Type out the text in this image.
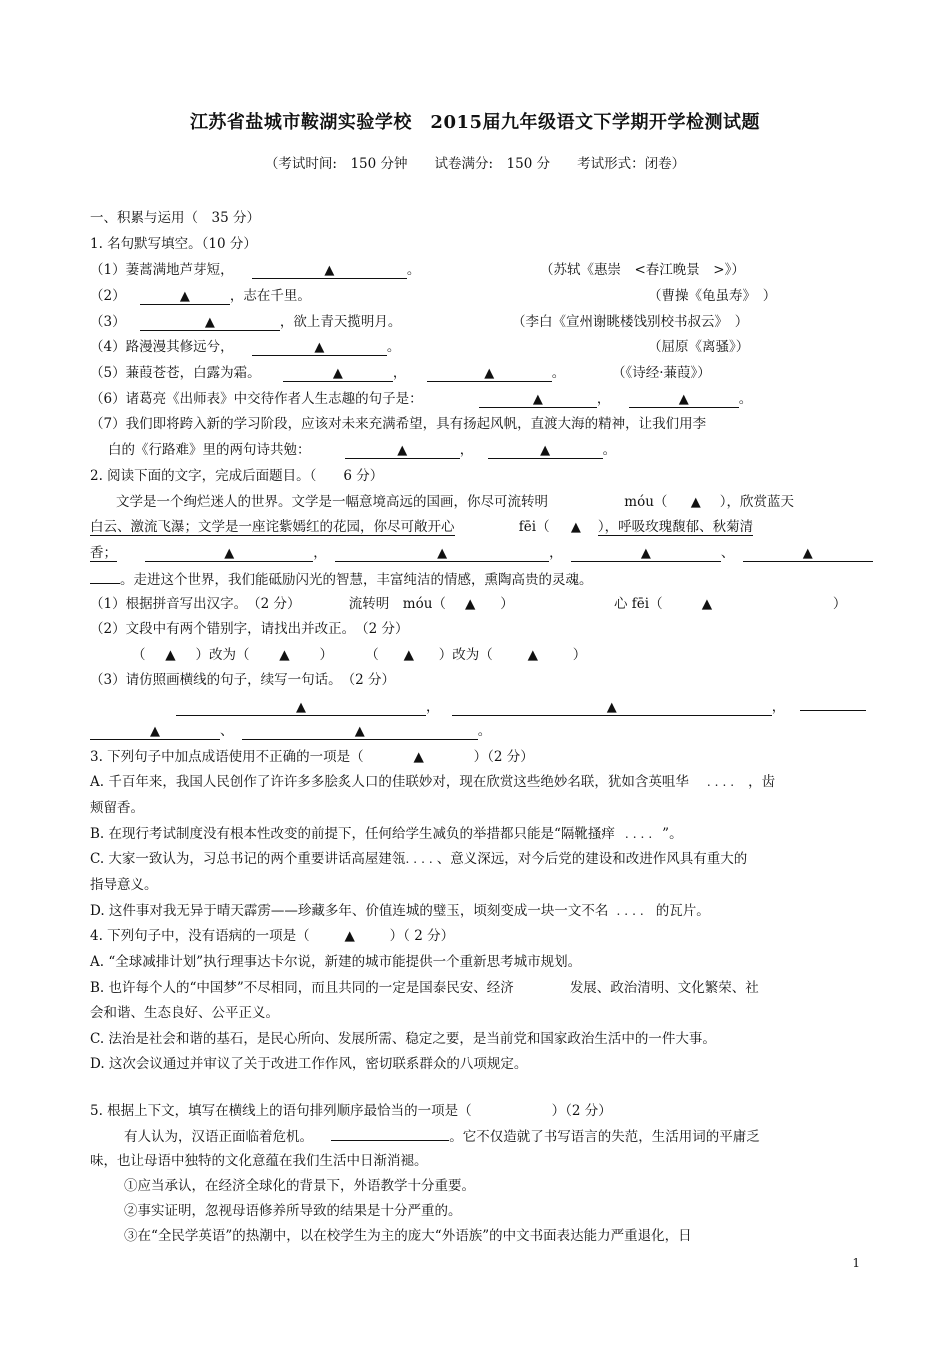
江苏省盐城市鞍湖实验学校　2015届九年级语文下学期开学检测试题
（考试时间:　150 分钟　　试卷满分:　150 分　　考试形式：闭卷）
一、积累与运用（　35 分）
1. 名句默写填空。（10 分）
（1）萋蒿满地芦芽短，	▲	。	（苏轼《惠崇　<春江晚景　>》）
（2）	▲	，志在千里。	（曹操《龟虽寿》　）
（3）	▲	，欲上青天揽明月。	（李白《宣州谢眺楼饯别校书叔云》　）
（4）路漫漫其修远兮，	▲	。	（屈原《离骚》）
（5）蒹葭苍苍，白露为霜。	▲	，	▲	。	（《诗经·蒹葭》）
（6）诸葛亮《出师表》中交待作者人生志趣的句子是：	▲	，	▲	。
（7）我们即将跨入新的学习阶段，应该对未来充满希望，具有扬起风帆，直渡大海的精神，让我们用李
白的《行路难》里的两句诗共勉：	▲	，	▲	。
2. 阅读下面的文字，完成后面题目。（　　6 分）
文学是一个绚烂迷人的世界。文学是一幅意境高远的国画，你尽可流转明	móu（ ▲ ），欣赏蓝天
白云、激流飞瀑；文学是一座诧紫嫣红的花园，你尽可敞开心	fēi（ ▲ ），呼吸玫瑰馥郁、秋菊清
香；	▲	，	▲	，	▲	、	▲
。走进这个世界，我们能砥励闪光的智慧，丰富纯洁的情感，熏陶高贵的灵魂。
（1）根据拼音写出汉字。　（2 分）	流转明　móu（ ▲ ）	心 fēi（	▲	）
（2）文段中有两个错别字，请找出并改正。　（2 分）
（ ▲ ）改为（ ▲ ） （ ▲ ）改为（	▲	）
（3）请仿照画横线的句子，续写一句话。　（2 分）
▲	，	▲	，
▲	、	▲	。
3. 下列句子中加点成语使用不正确的一项是（	▲	）（2 分）
A. 千百年来，我国人民创作了许许多多脍炙人口的佳联妙对，现在欣赏这些绝妙名联，犹如含英咀华 .... ，齿
颊留香。
B. 在现行考试制度没有根本性改变的前提下，任何给学生减负的举措都只能是“隔靴搔痒 .... ”。
C. 大家一致认为，习总书记的两个重要讲话高屋建瓴....、意义深远，对今后党的建设和改进作风具有重大的
指导意义。
D. 这件事对我无异于晴天霹雳——珍藏多年、价值连城的璧玉，顷刻变成一块一文不名 .... 的瓦片。
4. 下列句子中，没有语病的一项是（	▲	）（ 2 分）
A. “全球减排计划”执行理事达卡尔说，新建的城市能提供一个重新思考城市规划。
B. 也许每个人的“中国梦”不尽相同，而且共同的一定是国泰民安、经济	发展、政治清明、文化繁荣、社
会和谐、生态良好、公平正义。
C. 法治是社会和谐的基石，是民心所向、发展所需、稳定之要，是当前党和国家政治生活中的一件大事。
D. 这次会议通过并审议了关于改进工作作风，密切联系群众的八项规定。
5. 根据上下文，填写在横线上的语句排列顺序最恰当的一项是（	）（2 分）
有人认为，汉语正面临着危机。	。它不仅造就了书写语言的失范，生活用词的平庸乏
味，也让母语中独特的文化意蕴在我们生活中日渐消褪。
①应当承认，在经济全球化的背景下，外语教学十分重要。
②事实证明，忽视母语修养所导致的结果是十分严重的。
③在“全民学英语”的热潮中，以在校学生为主的庞大“外语族”的中文书面表达能力严重退化，日
1
